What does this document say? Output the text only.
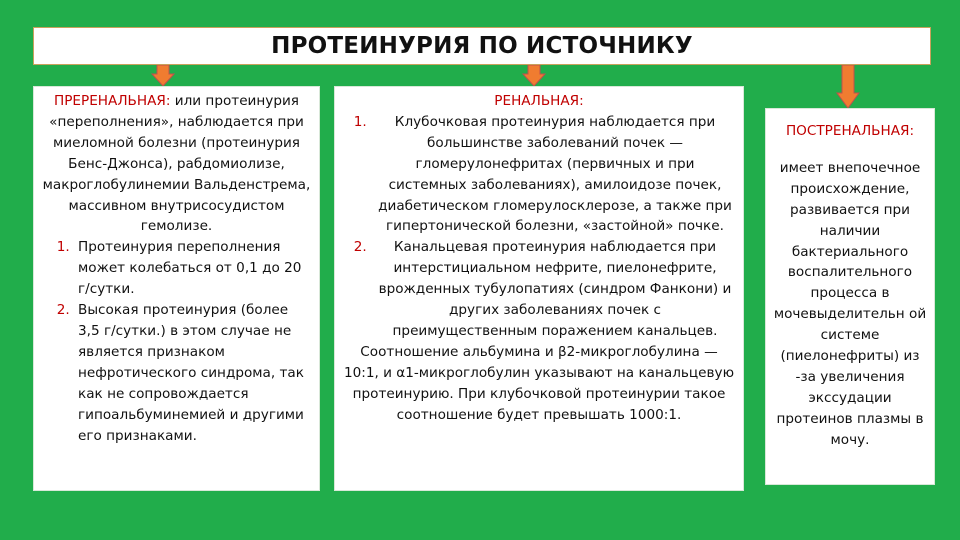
ПРОТЕИНУРИЯ ПО ИСТОЧНИКУ
ПРЕРЕНАЛЬНАЯ: или протеинурия «переполнения», наблюдается при миеломной болезни (протеинурия Бенс-Джонса), рабдомиолизе, макроглобулинемии Вальденстрема, массивном внутрисосудистом гемолизе.
1. Протеинурия переполнения может колебаться от 0,1 до 20 г/сутки.
2. Высокая протеинурия (более 3,5 г/сутки.) в этом случае не является признаком нефротического синдрома, так как не сопровождается гипоальбуминемией и другими его признаками.
РЕНАЛЬНАЯ:
1. Клубочковая протеинурия наблюдается при большинстве заболеваний почек — гломерулонефритах (первичных и при системных заболеваниях), амилоидозе почек, диабетическом гломерулосклерозе, а также при гипертонической болезни, «застойной» почке.
2. Канальцевая протеинурия наблюдается при интерстициальном нефрите, пиелонефрите, врожденных тубулопатиях (синдром Фанкони) и других заболеваниях почек с преимущественным поражением канальцев.
Соотношение альбумина и β2-микроглобулина — 10:1, и α1-микроглобулин указывают на канальцевую протеинурию. При клубочковой протеинурии такое соотношение будет превышать 1000:1.
ПОСТРЕНАЛЬНАЯ:
имеет внепочечное происхождение, развивается при наличии бактериального воспалительного процесса в мочевыделительн ой системе (пиелонефриты) из -за увеличения экссудации протеинов плазмы в мочу.
